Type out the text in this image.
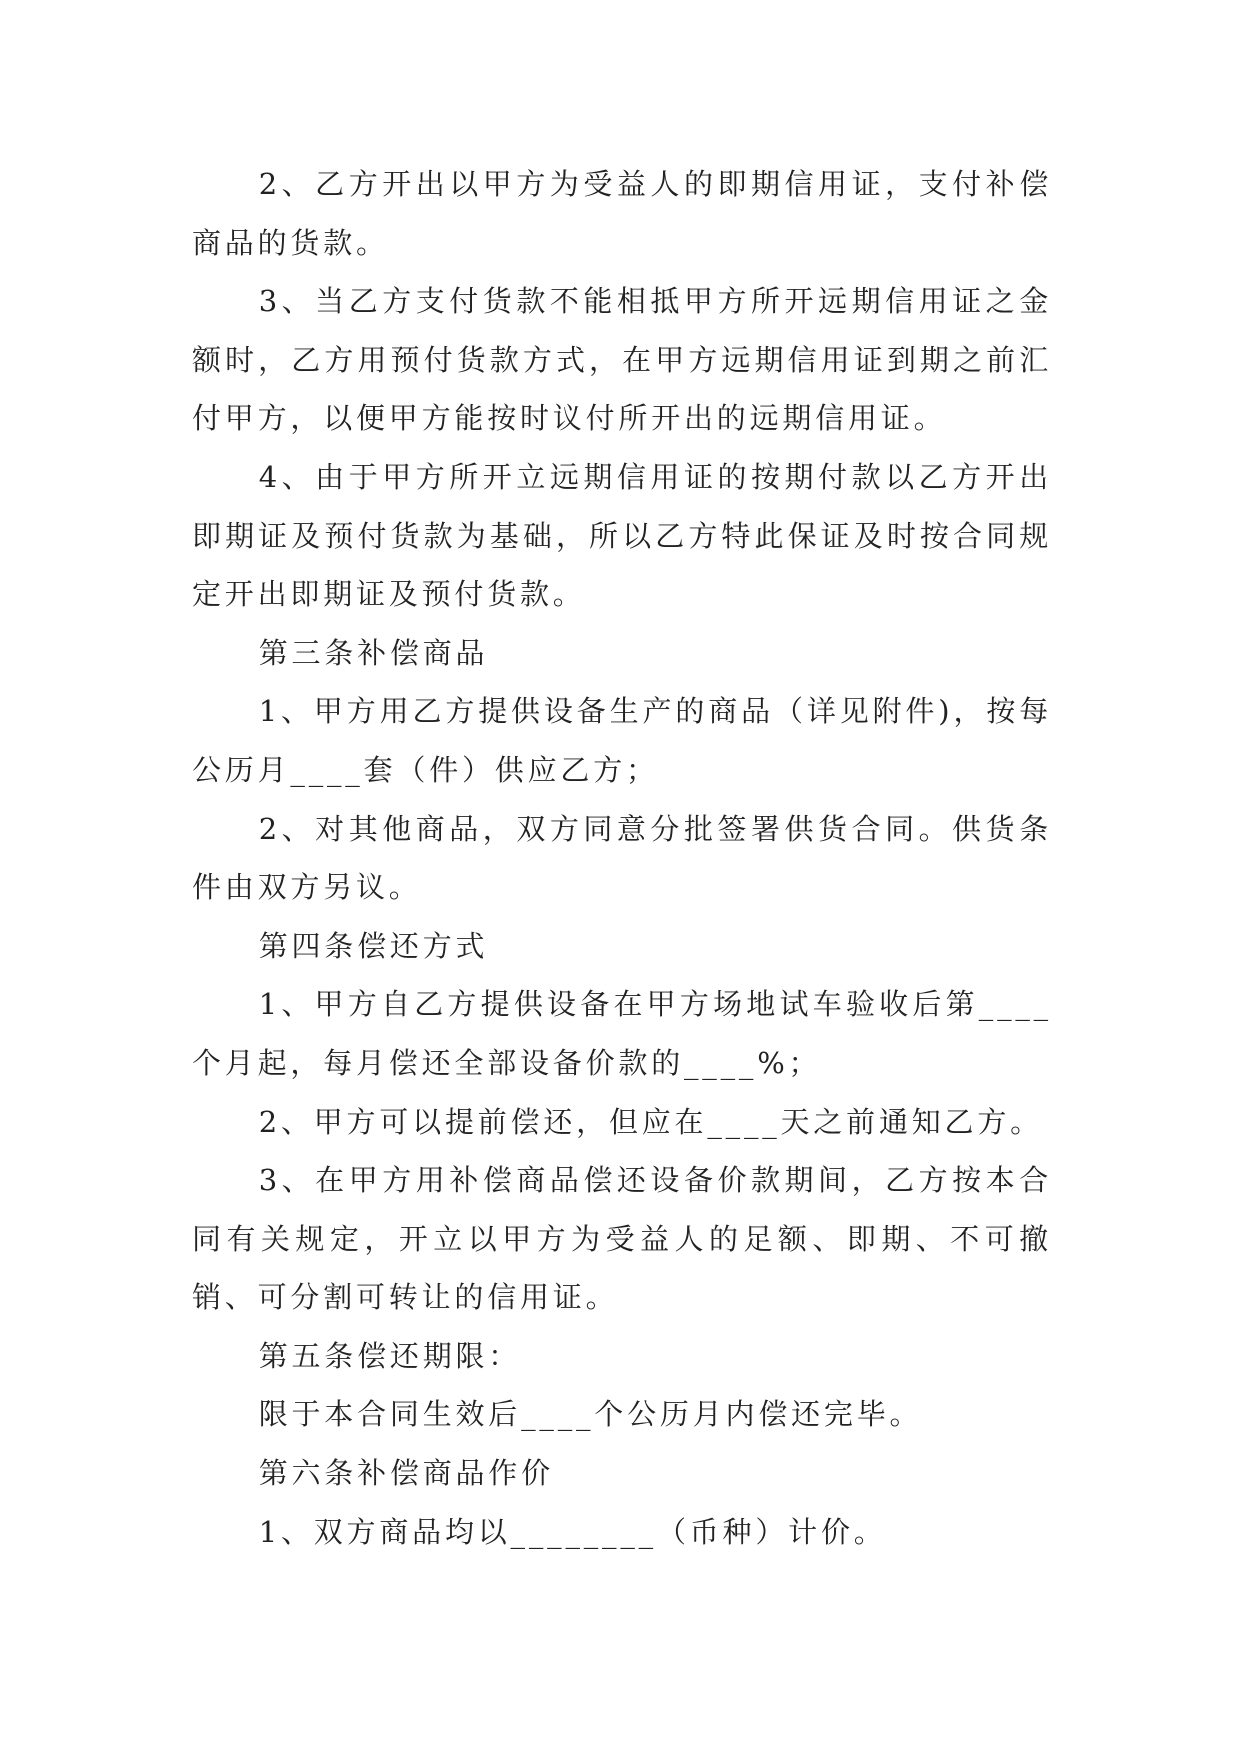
2、乙方开出以甲方为受益人的即期信用证，支付补偿商品的货款。

3、当乙方支付货款不能相抵甲方所开远期信用证之金额时，乙方用预付货款方式，在甲方远期信用证到期之前汇付甲方，以便甲方能按时议付所开出的远期信用证。

4、由于甲方所开立远期信用证的按期付款以乙方开出即期证及预付货款为基础，所以乙方特此保证及时按合同规定开出即期证及预付货款。

第三条补偿商品

1、甲方用乙方提供设备生产的商品（详见附件)，按每公历月____套（件）供应乙方；

2、对其他商品，双方同意分批签署供货合同。供货条件由双方另议。

第四条偿还方式

1、甲方自乙方提供设备在甲方场地试车验收后第____个月起，每月偿还全部设备价款的____%；

2、甲方可以提前偿还，但应在____天之前通知乙方。

3、在甲方用补偿商品偿还设备价款期间，乙方按本合同有关规定，开立以甲方为受益人的足额、即期、不可撤销、可分割可转让的信用证。

第五条偿还期限：

限于本合同生效后____个公历月内偿还完毕。

第六条补偿商品作价

1、双方商品均以________（币种）计价。
